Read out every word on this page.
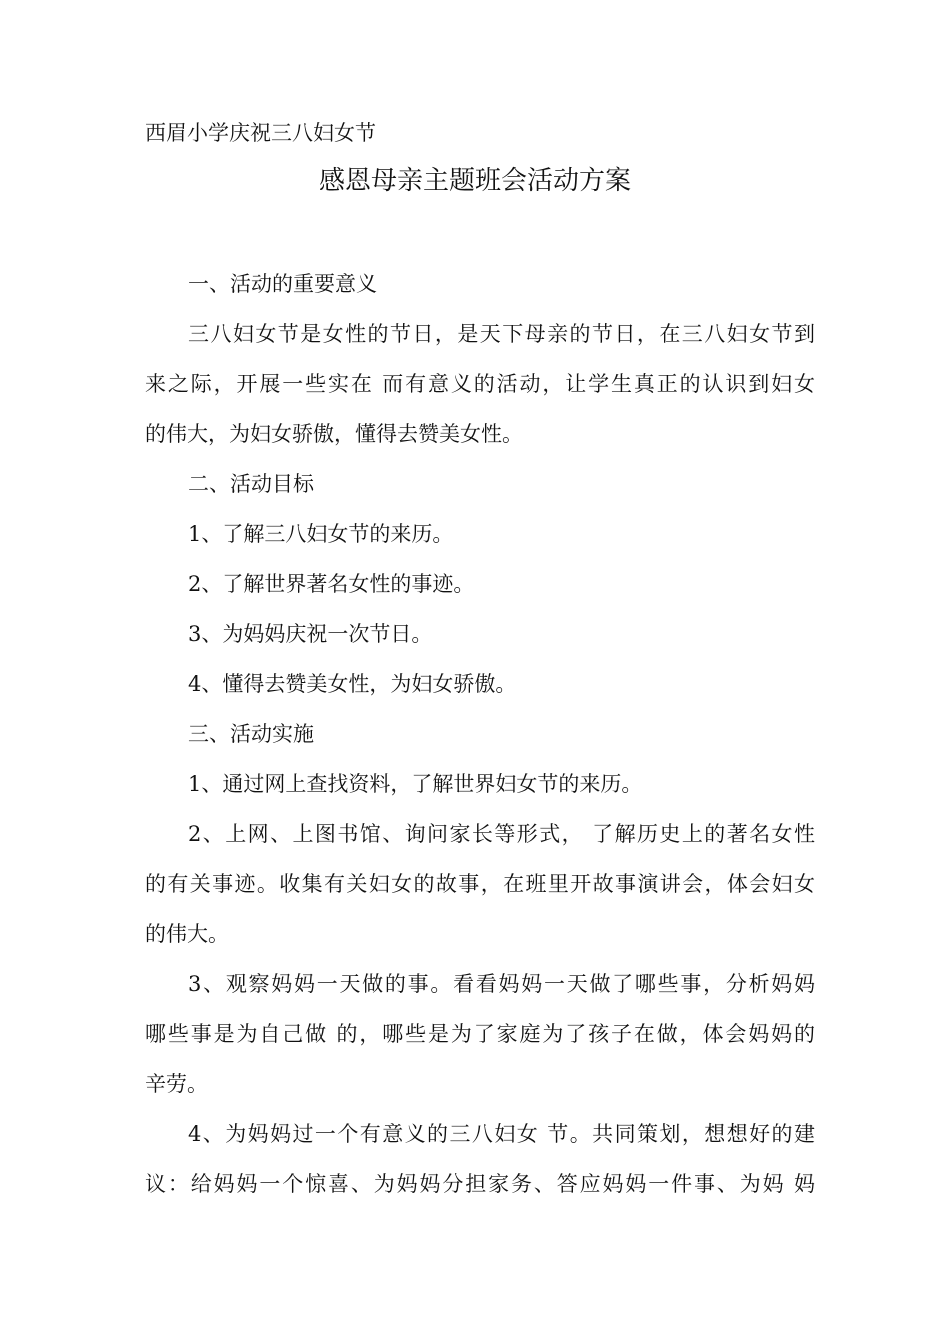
西眉小学庆祝三八妇女节

感恩母亲主题班会活动方案

一、活动的重要意义

三八妇女节是女性的节日，是天下母亲的节日，在三八妇女节到

来之际，开展一些实在 而有意义的活动，让学生真正的认识到妇女

的伟大，为妇女骄傲，懂得去赞美女性。

二、活动目标

1、了解三八妇女节的来历。

2、了解世界著名女性的事迹。

3、为妈妈庆祝一次节日。

4、懂得去赞美女性，为妇女骄傲。

三、活动实施

1、通过网上查找资料，了解世界妇女节的来历。

2、上网、上图书馆、询问家长等形式， 了解历史上的著名女性

的有关事迹。收集有关妇女的故事，在班里开故事演讲会，体会妇女

的伟大。

3、观察妈妈一天做的事。看看妈妈一天做了哪些事，分析妈妈

哪些事是为自己做 的，哪些是为了家庭为了孩子在做，体会妈妈的

辛劳。

4、为妈妈过一个有意义的三八妇女 节。共同策划，想想好的建

议：给妈妈一个惊喜、为妈妈分担家务、答应妈妈一件事、为妈 妈
